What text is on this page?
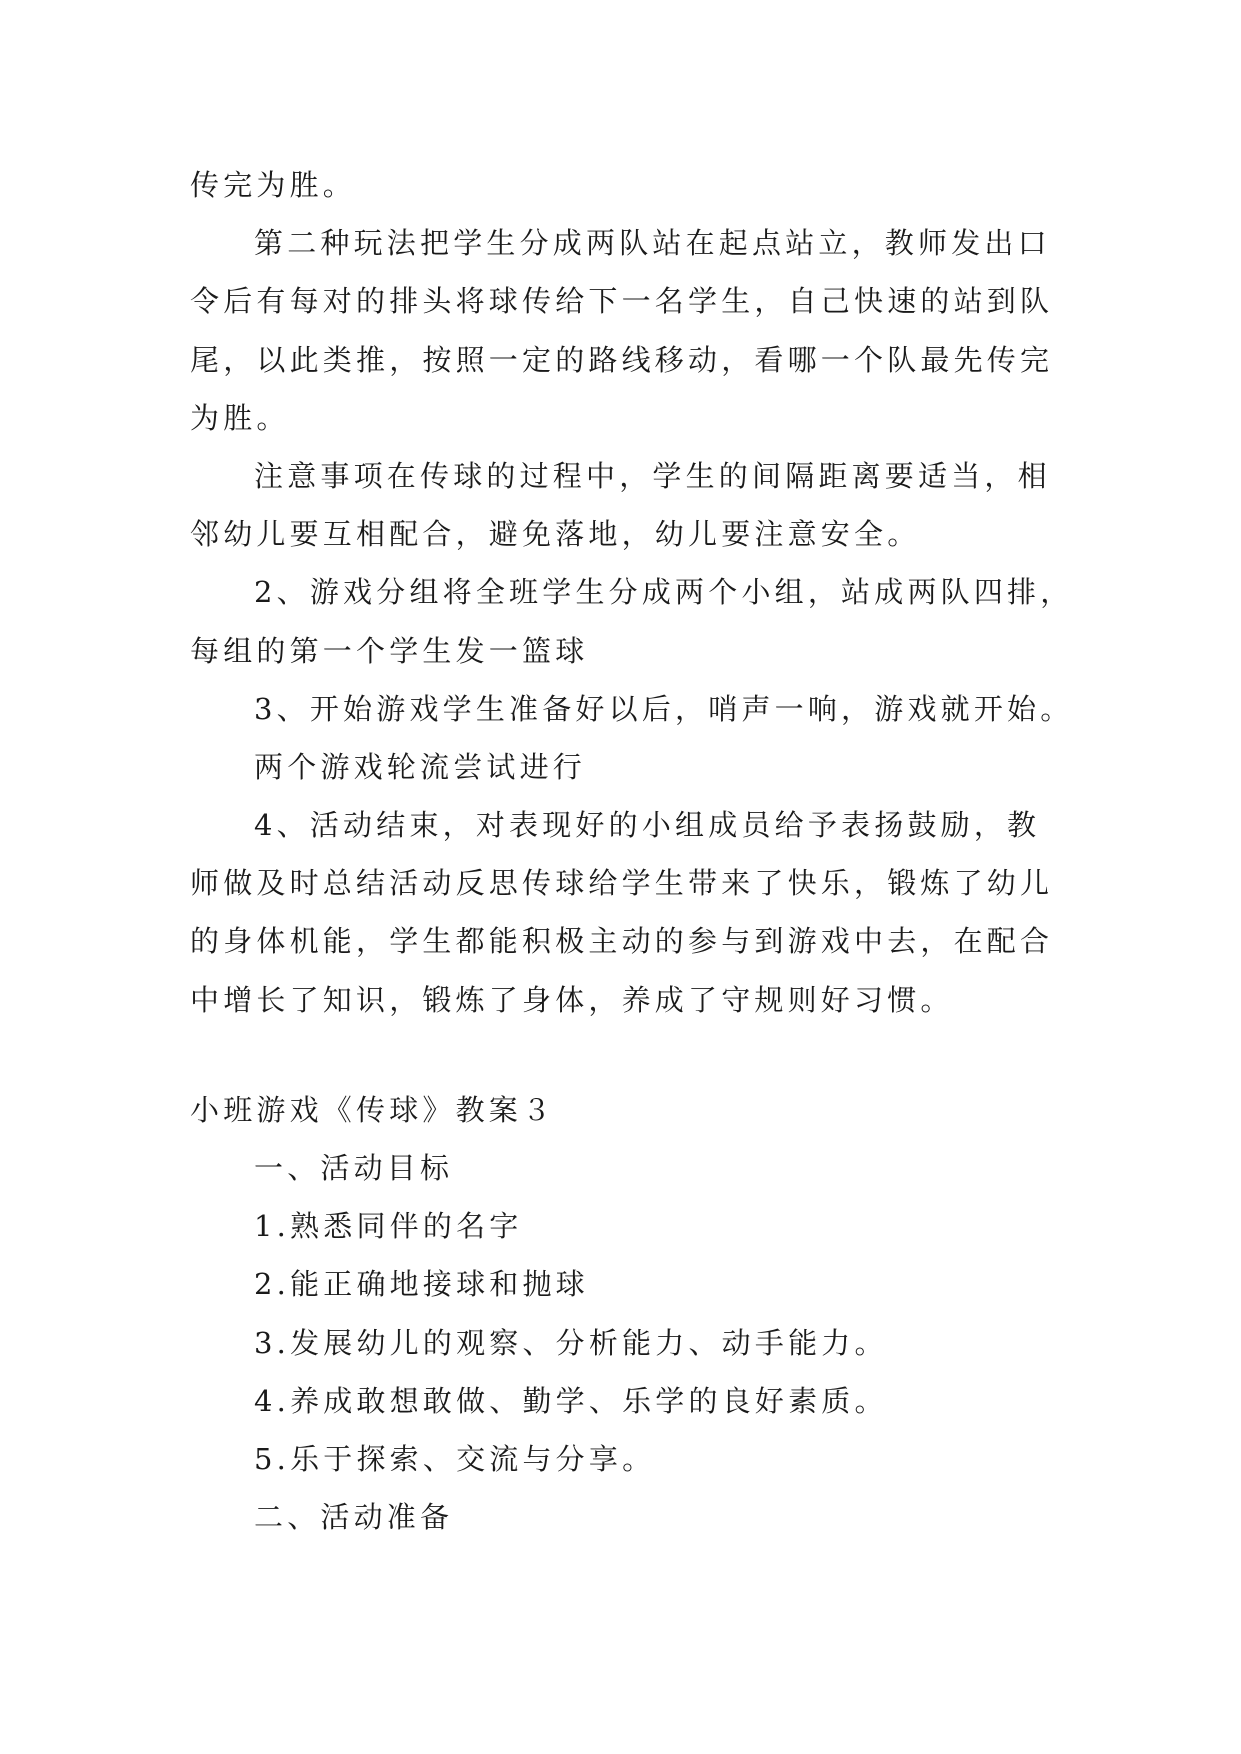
传完为胜。
第二种玩法把学生分成两队站在起点站立，教师发出口
令后有每对的排头将球传给下一名学生，自己快速的站到队
尾，以此类推，按照一定的路线移动，看哪一个队最先传完
为胜。
注意事项在传球的过程中，学生的间隔距离要适当，相
邻幼儿要互相配合，避免落地，幼儿要注意安全。
2、游戏分组将全班学生分成两个小组，站成两队四排，
每组的第一个学生发一篮球
3、开始游戏学生准备好以后，哨声一响，游戏就开始。
两个游戏轮流尝试进行
4、活动结束，对表现好的小组成员给予表扬鼓励，教
师做及时总结活动反思传球给学生带来了快乐，锻炼了幼儿
的身体机能，学生都能积极主动的参与到游戏中去，在配合
中增长了知识，锻炼了身体，养成了守规则好习惯。
小班游戏《传球》教案３
一、活动目标
1.熟悉同伴的名字
2.能正确地接球和抛球
3.发展幼儿的观察、分析能力、动手能力。
4.养成敢想敢做、勤学、乐学的良好素质。
5.乐于探索、交流与分享。
二、活动准备
